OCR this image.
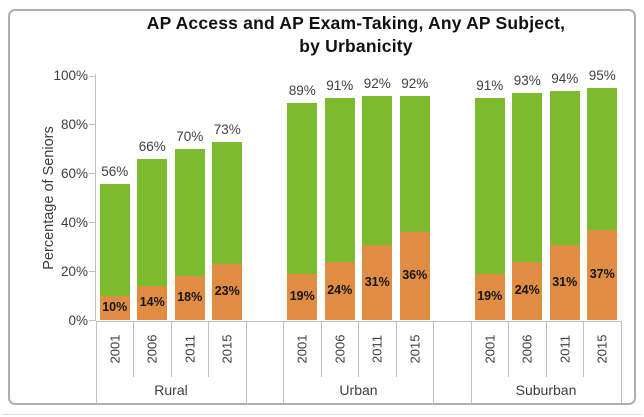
AP Access and AP Exam-Taking, Any AP Subject,
by Urbanicity
Percentage of Seniors
0%
20%
40%
60%
80%
100%
56%
10%
2001
66%
14%
2006
70%
18%
2011
73%
23%
2015
Rural
89%
19%
2001
91%
24%
2006
92%
31%
2011
92%
36%
2015
Urban
91%
19%
2001
93%
24%
2006
94%
31%
2011
95%
37%
2015
Suburban
